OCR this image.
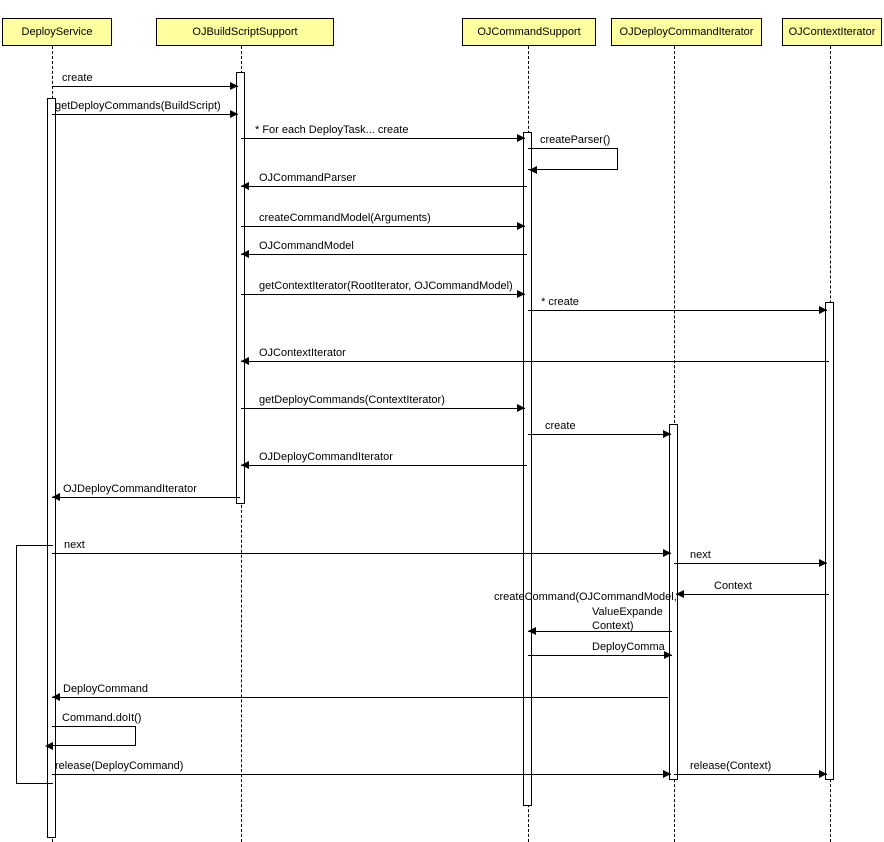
DeployService	OJBuildScriptSupport	OJCommandSupport	OJDeployCommandIterator	OJContextIterator
create
getDeployCommands(BuildScript)
* For each DeployTask... create
createParser()
OJCommandParser
createCommandModel(Arguments)
OJCommandModel
getContextIterator(RootIterator, OJCommandModel)
* create
OJContextIterator
getDeployCommands(ContextIterator)
create
OJDeployCommandIterator
OJDeployCommandIterator
next
next
Context
createCommand(OJCommandModel,
ValueExpande
Context)
DeployComma
DeployCommand
Command.doIt()
release(DeployCommand)	release(Context)
